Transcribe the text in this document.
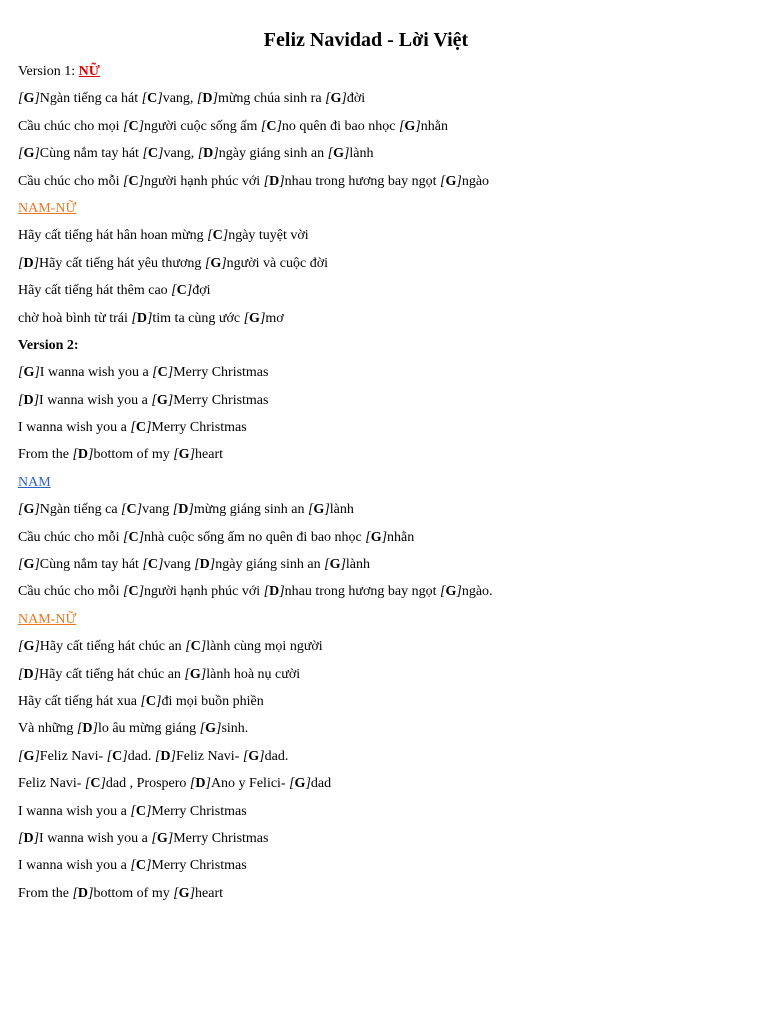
Feliz Navidad - Lời Việt
Version 1: NỮ
[G]Ngàn tiếng ca hát [C]vang, [D]mừng chúa sinh ra [G]đời
Cầu chúc cho mọi [C]người cuộc sống ấm [C]no quên đi bao nhọc [G]nhằn
[G]Cùng nắm tay hát [C]vang, [D]ngày giáng sinh an [G]lành
Cầu chúc cho mỗi [C]người hạnh phúc với [D]nhau trong hương bay ngọt [G]ngào
NAM-NỮ
Hãy cất tiếng hát hân hoan mừng [C]ngày tuyệt vời
[D]Hãy cất tiếng hát yêu thương [G]người và cuộc đời
Hãy cất tiếng hát thêm cao [C]đợi
chờ hoà bình từ trái [D]tim ta cùng ước [G]mơ
Version 2:
[G]I wanna wish you a [C]Merry Christmas
[D]I wanna wish you a [G]Merry Christmas
I wanna wish you a [C]Merry Christmas
From the [D]bottom of my [G]heart
NAM
[G]Ngàn tiếng ca [C]vang [D]mừng giáng sinh an [G]lành
Cầu chúc cho mỗi [C]nhà cuộc sống ấm no quên đi bao nhọc [G]nhằn
[G]Cùng nắm tay hát [C]vang [D]ngày giáng sinh an [G]lành
Cầu chúc cho mỗi [C]người hạnh phúc với [D]nhau trong hương bay ngọt [G]ngào.
NAM-NỮ
[G]Hãy cất tiếng hát chúc an [C]lành cùng mọi người
[D]Hãy cất tiếng hát chúc an [G]lành hoà nụ cười
Hãy cất tiếng hát xua [C]đi mọi buồn phiền
Và những [D]lo âu mừng giáng [G]sinh.
[G]Feliz Navi- [C]dad. [D]Feliz Navi- [G]dad.
Feliz Navi- [C]dad , Prospero [D]Ano y Felici- [G]dad
I wanna wish you a [C]Merry Christmas
[D]I wanna wish you a [G]Merry Christmas
I wanna wish you a [C]Merry Christmas
From the [D]bottom of my [G]heart
